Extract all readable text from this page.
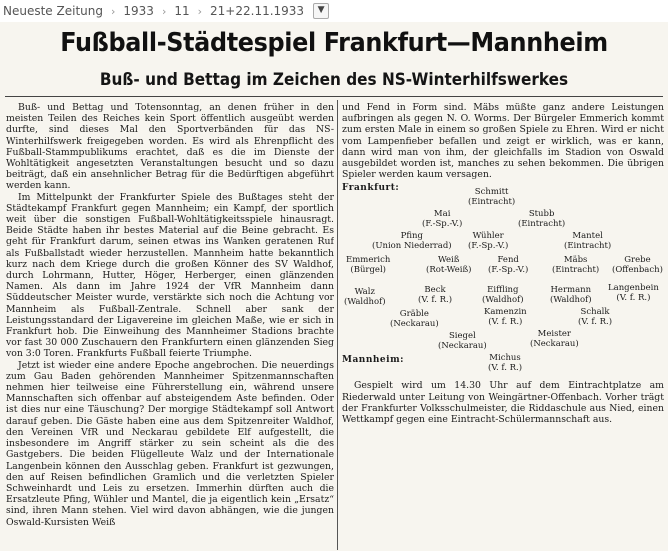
Neueste Zeitung › 1933 › 11 › 21+22.11.1933	▼
Fußball-Städtespiel Frankfurt—Mannheim
Buß- und Bettag im Zeichen des NS-Winterhilfswerkes

Buß- und Bettag und Totensonntag, an denen früher in den meisten Teilen des Reiches kein Sport öffentlich ausgeübt werden durfte, sind dieses Mal den Sportverbänden für das NS-Winterhilfswerk freigegeben worden. Es wird als Ehrenpflicht des Fußball-Stammpublikums erachtet, daß es die im Dienste der Wohltätigkeit angesetzten Veranstaltungen besucht und so dazu beiträgt, daß ein ansehnlicher Betrag für die Bedürftigen abgeführt werden kann.

Im Mittelpunkt der Frankfurter Spiele des Bußtages steht der Städtekampf Frankfurt gegen Mannheim; ein Kampf, der sportlich weit über die sonstigen Fußball-Wohltätigkeitsspiele hinausragt. Beide Städte haben ihr bestes Material auf die Beine gebracht. Es geht für Frankfurt darum, seinen etwas ins Wanken geratenen Ruf als Fußballstadt wieder herzustellen. Mannheim hatte bekanntlich kurz nach dem Kriege durch die großen Könner des SV Waldhof, durch Lohrmann, Hutter, Höger, Herberger, einen glänzenden Namen. Als dann im Jahre 1924 der VfR Mannheim dann Süddeutscher Meister wurde, verstärkte sich noch die Achtung vor Mannheim als Fußball-Zentrale. Schnell aber sank der Leistungsstandard der Ligavereine im gleichen Maße, wie er sich in Frankfurt hob. Die Einweihung des Mannheimer Stadions brachte vor fast 30 000 Zuschauern den Frankfurtern einen glänzenden Sieg von 3:0 Toren. Frankfurts Fußball feierte Triumphe.

Jetzt ist wieder eine andere Epoche angebrochen. Die neuerdings zum Gau Baden gehörenden Mannheimer Spitzenmannschaften nehmen hier teilweise eine Führerstellung ein, während unsere Mannschaften sich offenbar auf absteigendem Aste befinden. Oder ist dies nur eine Täuschung? Der morgige Städtekampf soll Antwort darauf geben. Die Gäste haben eine aus dem Spitzenreiter Waldhof, den Vereinen VfR und Neckarau gebildete Elf aufgestellt, die insbesondere im Angriff stärker zu sein scheint als die des Gastgebers. Die beiden Flügelleute Walz und der Internationale Langenbein können den Ausschlag geben. Frankfurt ist gezwungen, den auf Reisen befindlichen Gramlich und die verletzten Spieler Schweinhardt und Leis zu ersetzen. Immerhin dürften auch die Ersatzleute Pfing, Wühler und Mantel, die ja eigentlich kein „Ersatz“ sind, ihren Mann stehen. Viel wird davon abhängen, wie die jungen Oswald-Kursisten Weiß

und Fend in Form sind. Mäbs müßte ganz andere Leistungen aufbringen als gegen N. O. Worms. Der Bürgeler Emmerich kommt zum ersten Male in einem so großen Spiele zu Ehren. Wird er nicht vom Lampenfieber befallen und zeigt er wirklich, was er kann, dann wird man von ihm, der gleichfalls im Stadion von Oswald ausgebildet worden ist, manches zu sehen bekommen. Die übrigen Spieler werden kaum versagen.

Frankfurt:	Schmitt
(Eintracht)
Mai
(F.-Sp.-V.)
Stubb
(Eintracht)
Pfing
(Union Niederrad)
Wühler
(F.-Sp.-V.)
Mantel
(Eintracht)
Emmerich
(Bürgel)
Weiß
(Rot-Weiß)
Fend
(F.-Sp.-V.)
Mäbs
(Eintracht)
Grebe
(Offenbach)
Walz
(Waldhof)
Beck
(V. f. R.)
Eiffling
(Waldhof)
Hermann
(Waldhof)
Langenbein
(V. f. R.)
Gräble
(Neckarau)
Kamenzin
(V. f. R.)
Schalk
(V. f. R.)
Siegel
(Neckarau)
Meister
(Neckarau)
Mannheim:	Michus
(V. f. R.)

Gespielt wird um 14.30 Uhr auf dem Eintrachtplatze am Riederwald unter Leitung von Weingärtner-Offenbach. Vorher trägt der Frankfurter Volksschulmeister, die Riddaschule aus Nied, einen Wettkampf gegen eine Eintracht-Schülermannschaft aus.
